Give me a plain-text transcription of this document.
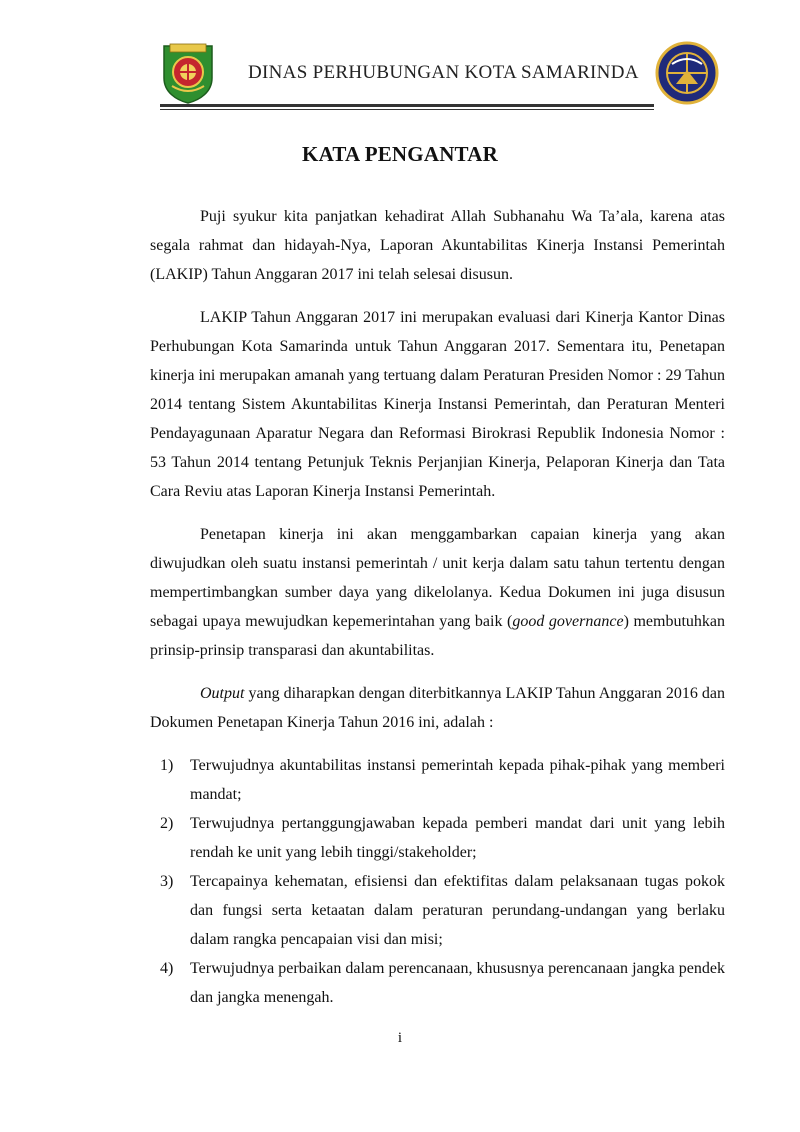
DINAS PERHUBUNGAN KOTA SAMARINDA
KATA PENGANTAR

Puji syukur kita panjatkan kehadirat Allah Subhanahu Wa Ta’ala, karena atas segala rahmat dan hidayah-Nya, Laporan Akuntabilitas Kinerja Instansi Pemerintah (LAKIP) Tahun Anggaran 2017 ini telah selesai disusun.

LAKIP Tahun Anggaran 2017 ini merupakan evaluasi dari Kinerja Kantor Dinas Perhubungan Kota Samarinda untuk Tahun Anggaran 2017. Sementara itu, Penetapan kinerja ini merupakan amanah yang tertuang dalam Peraturan Presiden Nomor : 29 Tahun 2014 tentang Sistem Akuntabilitas Kinerja Instansi Pemerintah, dan Peraturan Menteri Pendayagunaan Aparatur Negara dan Reformasi Birokrasi Republik Indonesia Nomor : 53 Tahun 2014 tentang Petunjuk Teknis Perjanjian Kinerja, Pelaporan Kinerja dan Tata Cara Reviu atas Laporan Kinerja Instansi Pemerintah.

Penetapan kinerja ini akan menggambarkan capaian kinerja yang akan diwujudkan oleh suatu instansi pemerintah / unit kerja dalam satu tahun tertentu dengan mempertimbangkan sumber daya yang dikelolanya. Kedua Dokumen ini juga disusun sebagai upaya mewujudkan kepemerintahan yang baik (good governance) membutuhkan prinsip-prinsip transparasi dan akuntabilitas.

Output yang diharapkan dengan diterbitkannya LAKIP Tahun Anggaran 2016 dan Dokumen Penetapan Kinerja Tahun 2016 ini, adalah :

1) Terwujudnya akuntabilitas instansi pemerintah kepada pihak-pihak yang memberi mandat;
2) Terwujudnya pertanggungjawaban kepada pemberi mandat dari unit yang lebih rendah ke unit yang lebih tinggi/stakeholder;
3) Tercapainya kehematan, efisiensi dan efektifitas dalam pelaksanaan tugas pokok dan fungsi serta ketaatan dalam peraturan perundang-undangan yang berlaku dalam rangka pencapaian visi dan misi;
4) Terwujudnya perbaikan dalam perencanaan, khususnya perencanaan jangka pendek dan jangka menengah.
i
